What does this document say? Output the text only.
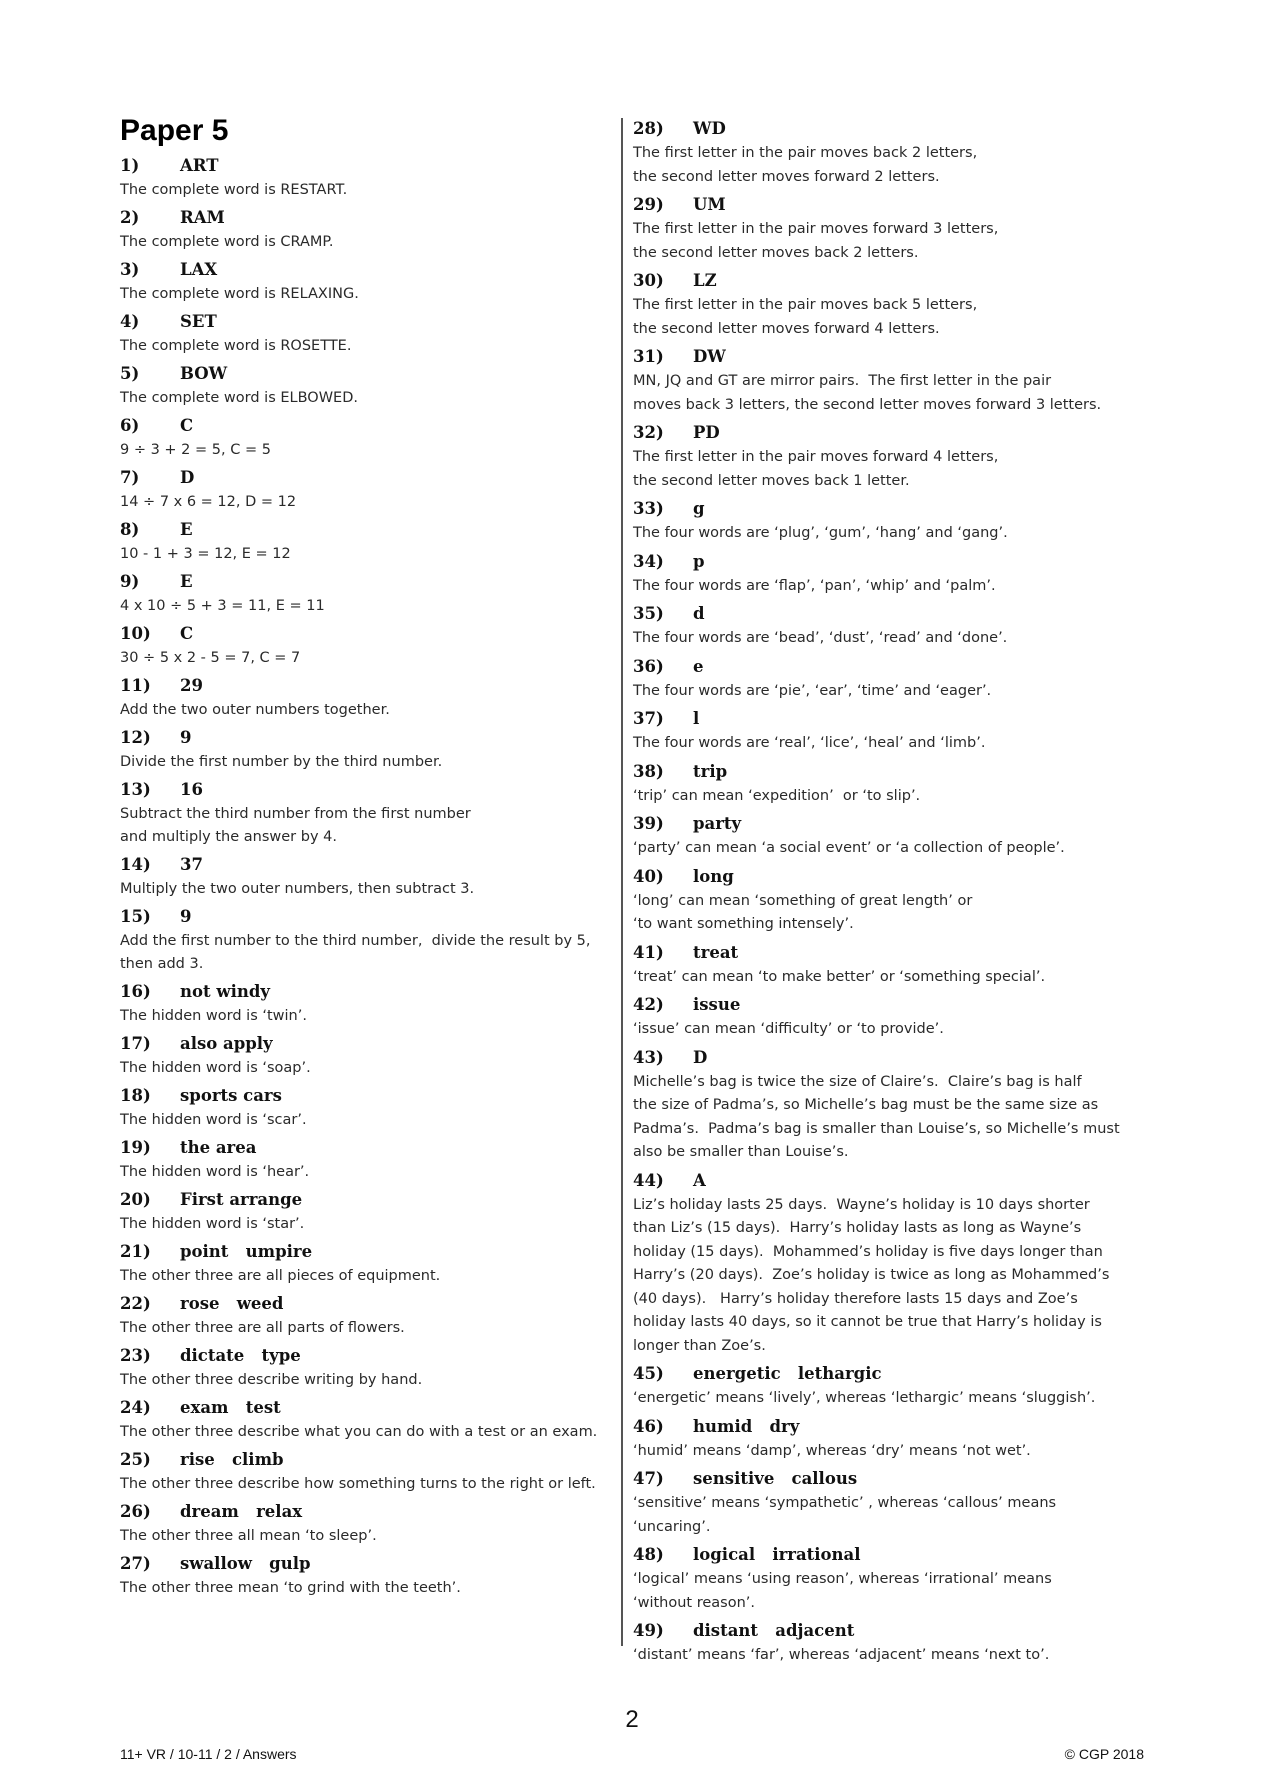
Paper 5
1) ART
The complete word is RESTART.
2) RAM
The complete word is CRAMP.
3) LAX
The complete word is RELAXING.
4) SET
The complete word is ROSETTE.
5) BOW
The complete word is ELBOWED.
6) C
9 ÷ 3 + 2 = 5, C = 5
7) D
14 ÷ 7 x 6 = 12, D = 12
8) E
10 - 1 + 3 = 12, E = 12
9) E
4 x 10 ÷ 5 + 3 = 11, E = 11
10) C
30 ÷ 5 x 2 - 5 = 7, C = 7
11) 29
Add the two outer numbers together.
12) 9
Divide the first number by the third number.
13) 16
Subtract the third number from the first number
and multiply the answer by 4.
14) 37
Multiply the two outer numbers, then subtract 3.
15) 9
Add the first number to the third number,  divide the result by 5,
then add 3.
16) not windy
The hidden word is ‘twin’.
17) also apply
The hidden word is ‘soap’.
18) sports cars
The hidden word is ‘scar’.
19) the area
The hidden word is ‘hear’.
20) First arrange
The hidden word is ‘star’.
21) point   umpire
The other three are all pieces of equipment.
22) rose   weed
The other three are all parts of flowers.
23) dictate   type
The other three describe writing by hand.
24) exam   test
The other three describe what you can do with a test or an exam.
25) rise   climb
The other three describe how something turns to the right or left.
26) dream   relax
The other three all mean ‘to sleep’.
27) swallow   gulp
The other three mean ‘to grind with the teeth’.
28) WD
The first letter in the pair moves back 2 letters,
the second letter moves forward 2 letters.
29) UM
The first letter in the pair moves forward 3 letters,
the second letter moves back 2 letters.
30) LZ
The first letter in the pair moves back 5 letters,
the second letter moves forward 4 letters.
31) DW
MN, JQ and GT are mirror pairs.  The first letter in the pair
moves back 3 letters, the second letter moves forward 3 letters.
32) PD
The first letter in the pair moves forward 4 letters,
the second letter moves back 1 letter.
33) g
The four words are ‘plug’, ‘gum’, ‘hang’ and ‘gang’.
34) p
The four words are ‘flap’, ‘pan’, ‘whip’ and ‘palm’.
35) d
The four words are ‘bead’, ‘dust’, ‘read’ and ‘done’.
36) e
The four words are ‘pie’, ‘ear’, ‘time’ and ‘eager’.
37) l
The four words are ‘real’, ‘lice’, ‘heal’ and ‘limb’.
38) trip
‘trip’ can mean ‘expedition’  or ‘to slip’.
39) party
‘party’ can mean ‘a social event’ or ‘a collection of people’.
40) long
‘long’ can mean ‘something of great length’ or
‘to want something intensely’.
41) treat
‘treat’ can mean ‘to make better’ or ‘something special’.
42) issue
‘issue’ can mean ‘difficulty’ or ‘to provide’.
43) D
Michelle’s bag is twice the size of Claire’s.  Claire’s bag is half
the size of Padma’s, so Michelle’s bag must be the same size as
Padma’s.  Padma’s bag is smaller than Louise’s, so Michelle’s must
also be smaller than Louise’s.
44) A
Liz’s holiday lasts 25 days.  Wayne’s holiday is 10 days shorter
than Liz’s (15 days).  Harry’s holiday lasts as long as Wayne’s
holiday (15 days).  Mohammed’s holiday is five days longer than
Harry’s (20 days).  Zoe’s holiday is twice as long as Mohammed’s
(40 days).   Harry’s holiday therefore lasts 15 days and Zoe’s
holiday lasts 40 days, so it cannot be true that Harry’s holiday is
longer than Zoe’s.
45) energetic   lethargic
‘energetic’ means ‘lively’, whereas ‘lethargic’ means ‘sluggish’.
46) humid   dry
‘humid’ means ‘damp’, whereas ‘dry’ means ‘not wet’.
47) sensitive   callous
‘sensitive’ means ‘sympathetic’ , whereas ‘callous’ means ‘uncaring’.
48) logical   irrational
‘logical’ means ‘using reason’, whereas ‘irrational’ means
‘without reason’.
49) distant   adjacent
‘distant’ means ‘far’, whereas ‘adjacent’ means ‘next to’.
2
11+ VR / 10-11 / 2 / Answers	© CGP 2018
